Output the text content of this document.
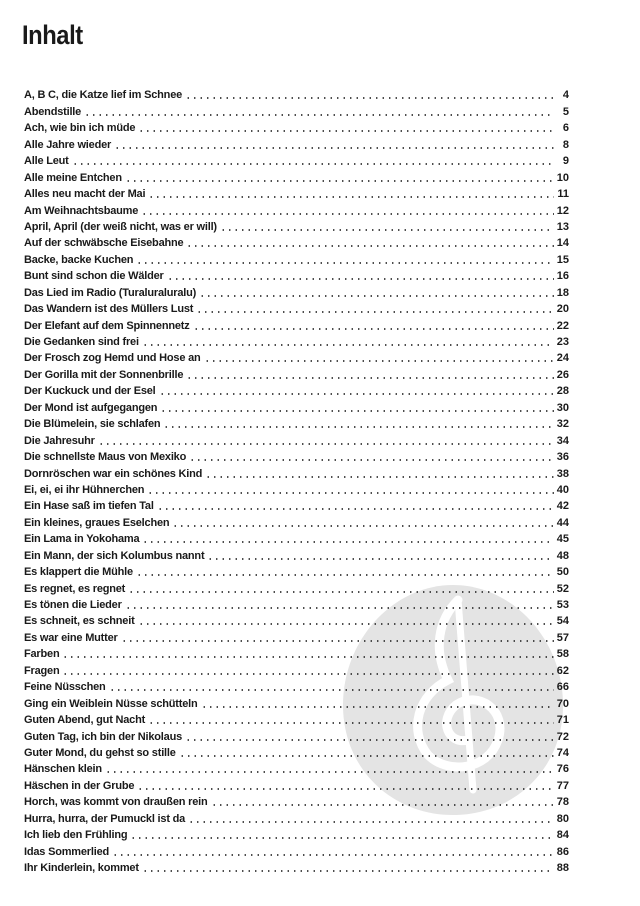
Inhalt
A, B C, die Katze lief im Schnee	4
Abendstille	5
Ach, wie bin ich müde	6
Alle Jahre wieder	8
Alle Leut	9
Alle meine Entchen	10
Alles neu macht der Mai	11
Am Weihnachtsbaume	12
April, April (der weiß nicht, was er will)	13
Auf der schwäbsche Eisebahne	14
Backe, backe Kuchen	15
Bunt sind schon die Wälder	16
Das Lied im Radio (Turaluraluralu)	18
Das Wandern ist des Müllers Lust	20
Der Elefant auf dem Spinnennetz	22
Die Gedanken sind frei	23
Der Frosch zog Hemd und Hose an	24
Der Gorilla mit der Sonnenbrille	26
Der Kuckuck und der Esel	28
Der Mond ist aufgegangen	30
Die Blümelein, sie schlafen	32
Die Jahresuhr	34
Die schnellste Maus von Mexiko	36
Dornröschen war ein schönes Kind	38
Ei, ei, ei ihr Hühnerchen	40
Ein Hase saß im tiefen Tal	42
Ein kleines, graues Eselchen	44
Ein Lama in Yokohama	45
Ein Mann, der sich Kolumbus nannt	48
Es klappert die Mühle	50
Es regnet, es regnet	52
Es tönen die Lieder	53
Es schneit, es schneit	54
Es war eine Mutter	57
Farben	58
Fragen	62
Feine Nüsschen	66
Ging ein Weiblein Nüsse schütteln	70
Guten Abend, gut Nacht	71
Guten Tag, ich bin der Nikolaus	72
Guter Mond, du gehst so stille	74
Hänschen klein	76
Häschen in der Grube	77
Horch, was kommt von draußen rein	78
Hurra, hurra, der Pumuckl ist da	80
Ich lieb den Frühling	84
Idas Sommerlied	86
Ihr Kinderlein, kommet	88
